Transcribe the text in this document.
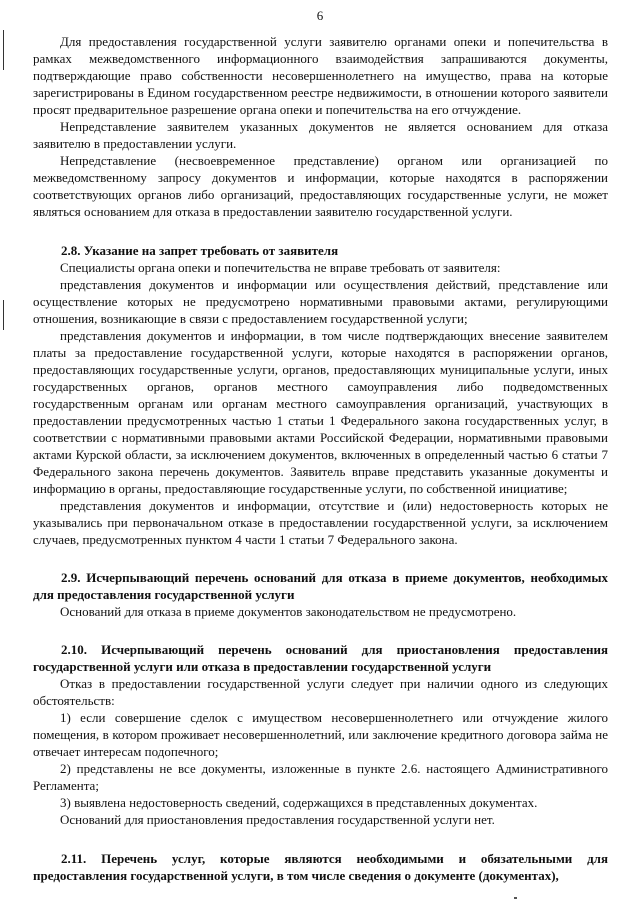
6

Для предоставления государственной услуги заявителю органами опеки и попечительства в рамках межведомственного информационного взаимодействия запрашиваются документы, подтверждающие право собственности несовершеннолетнего на имущество, права на которые зарегистрированы в Едином государственном реестре недвижимости, в отношении которого заявители просят предварительное разрешение органа опеки и попечительства на его отчуждение.

Непредставление заявителем указанных документов не является основанием для отказа заявителю в предоставлении услуги.

Непредставление (несвоевременное представление) органом или организацией по межведомственному запросу документов и информации, которые находятся в распоряжении соответствующих органов либо организаций, предоставляющих государственные услуги, не может являться основанием для отказа в предоставлении заявителю государственной услуги.

2.8. Указание на запрет требовать от заявителя

Специалисты органа опеки и попечительства не вправе требовать от заявителя:

представления документов и информации или осуществления действий, представление или осуществление которых не предусмотрено нормативными правовыми актами, регулирующими отношения, возникающие в связи с предоставлением государственной услуги;

представления документов и информации, в том числе подтверждающих внесение заявителем платы за предоставление государственной услуги, которые находятся в распоряжении органов, предоставляющих государственные услуги, органов, предоставляющих муниципальные услуги, иных государственных органов, органов местного самоуправления либо подведомственных государственным органам или органам местного самоуправления организаций, участвующих в предоставлении предусмотренных частью 1 статьи 1 Федерального закона государственных услуг, в соответствии с нормативными правовыми актами Российской Федерации, нормативными правовыми актами Курской области, за исключением документов, включенных в определенный частью 6 статьи 7 Федерального закона перечень документов. Заявитель вправе представить указанные документы и информацию в органы, предоставляющие государственные услуги, по собственной инициативе;

представления документов и информации, отсутствие и (или) недостоверность которых не указывались при первоначальном отказе в предоставлении государственной услуги, за исключением случаев, предусмотренных пунктом 4 части 1 статьи 7 Федерального закона.

2.9. Исчерпывающий перечень оснований для отказа в приеме документов, необходимых для предоставления государственной услуги

Оснований для отказа в приеме документов законодательством не предусмотрено.

2.10. Исчерпывающий перечень оснований для приостановления предоставления государственной услуги или отказа в предоставлении государственной услуги

Отказ в предоставлении государственной услуги следует при наличии одного из следующих обстоятельств:

1) если совершение сделок с имуществом несовершеннолетнего или отчуждение жилого помещения, в котором проживает несовершеннолетний, или заключение кредитного договора займа не отвечает интересам подопечного;

2) представлены не все документы, изложенные в пункте 2.6. настоящего Административного Регламента;

3) выявлена недостоверность сведений, содержащихся в представленных документах.

Оснований для приостановления предоставления государственной услуги нет.

2.11. Перечень услуг, которые являются необходимыми и обязательными для предоставления государственной услуги, в том числе сведения о документе (документах),
